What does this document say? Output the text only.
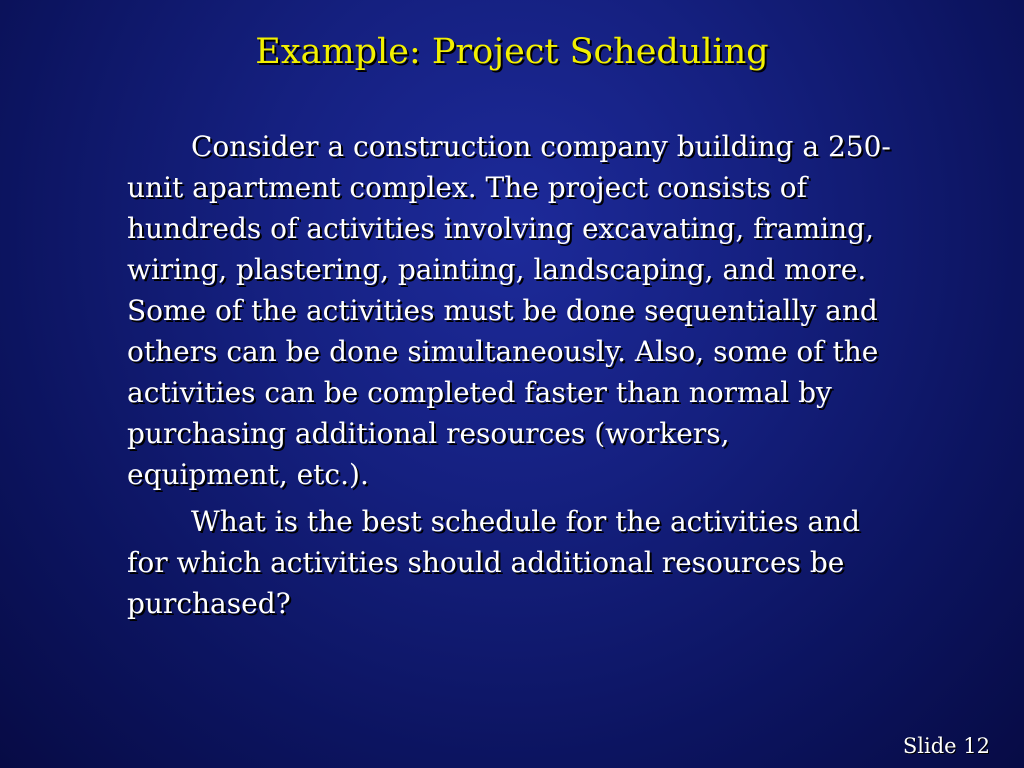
Example: Project Scheduling

Consider a construction company building a 250-
unit apartment complex. The project consists of
hundreds of activities involving excavating, framing,
wiring, plastering, painting, landscaping, and more.
Some of the activities must be done sequentially and
others can be done simultaneously. Also, some of the
activities can be completed faster than normal by
purchasing additional resources (workers,
equipment, etc.).

What is the best schedule for the activities and
for which activities should additional resources be
purchased?

Slide 12
